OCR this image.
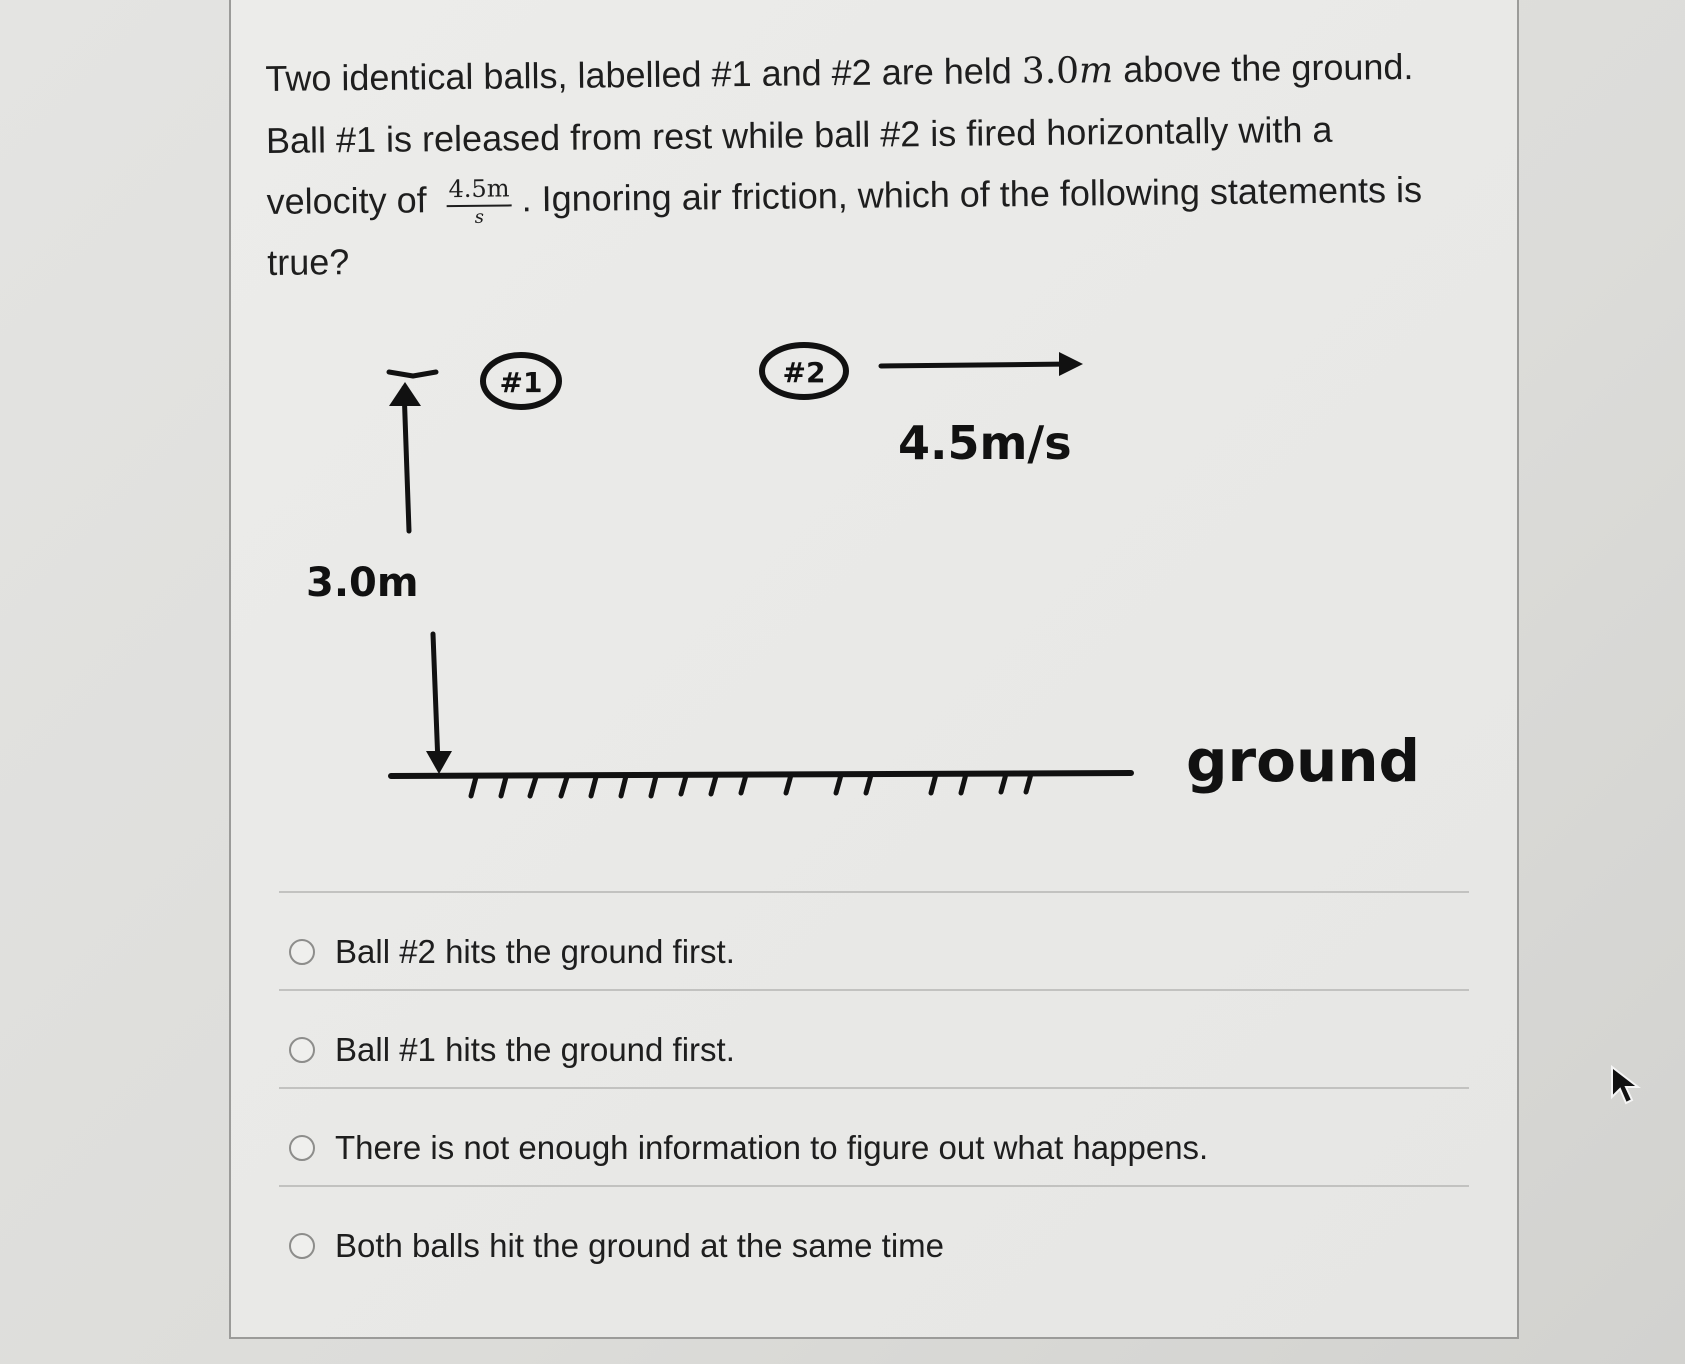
Two identical balls, labelled #1 and #2 are held 3.0m above the ground. Ball #1 is released from rest while ball #2 is fired horizontally with a velocity of $\frac{4.5m}{s}$ . Ignoring air friction, which of the following statements is true?
3.0m
ground
#1	#2
4.5m/s
Ball #2 hits the ground first.
Ball #1 hits the ground first.
There is not enough information to figure out what happens.
Both balls hit the ground at the same time
